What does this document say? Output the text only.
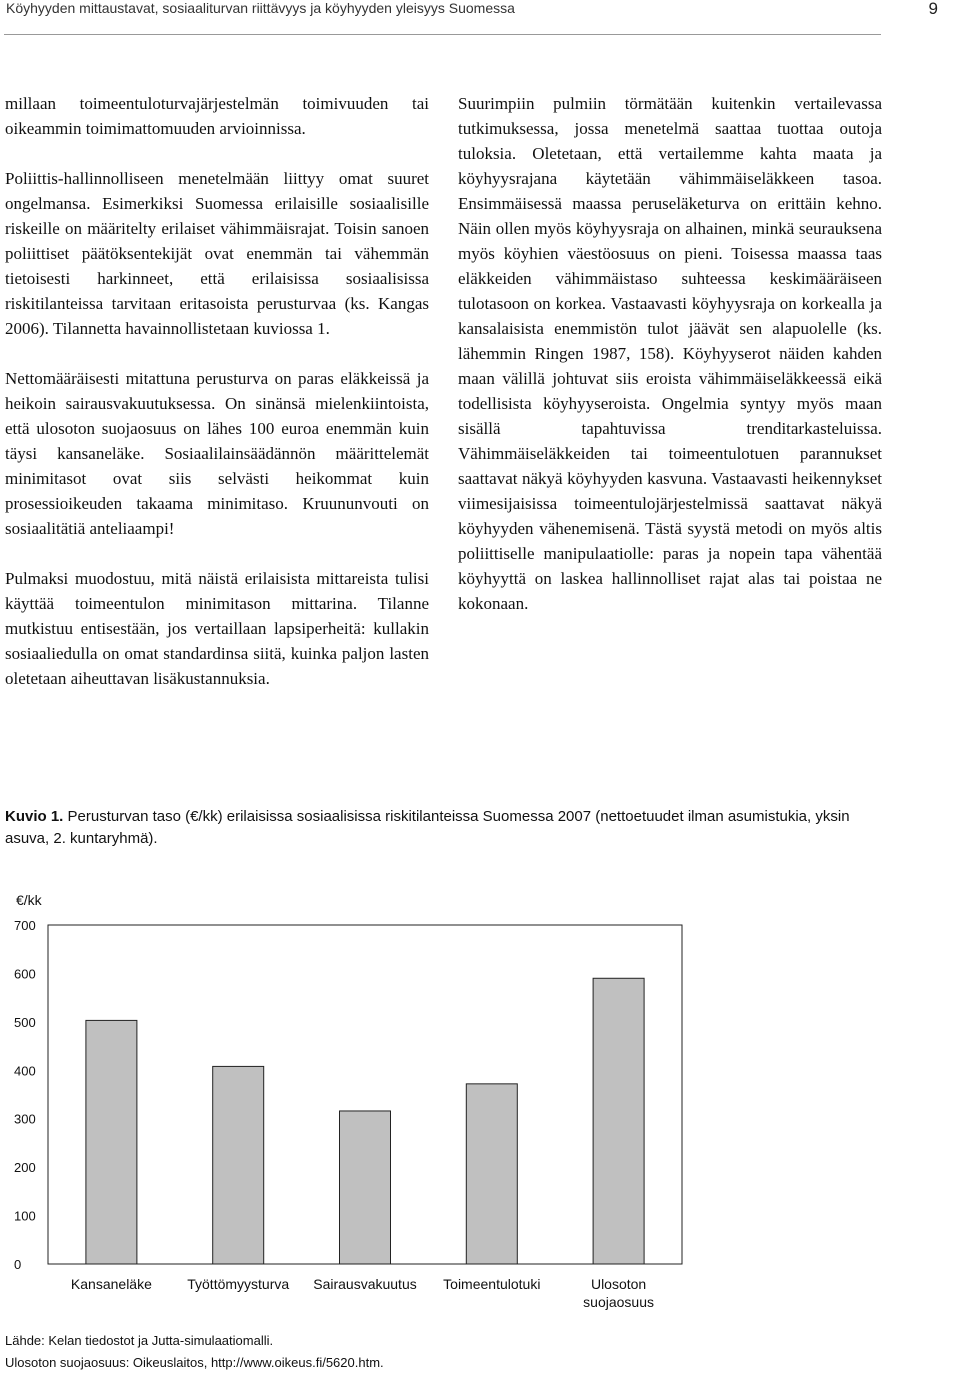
Köyhyyden mittaustavat, sosiaaliturvan riittävyys ja köyhyyden yleisyys Suomessa	9

millaan toimeentuloturvajärjestelmän toimivuuden tai oikeammin toimimattomuuden arvioinnissa.

Poliittis-hallinnolliseen menetelmään liittyy omat suuret ongelmansa. Esimerkiksi Suomessa erilaisille sosiaalisille riskeille on määritelty erilaiset vähimmäisrajat. Toisin sanoen poliittiset päätöksentekijät ovat enemmän tai vähemmän tietoisesti harkinneet, että erilaisissa sosiaalisissa riskitilanteissa tarvitaan eritasoista perusturvaa (ks. Kangas 2006). Tilannetta havainnollistetaan kuviossa 1.

Nettomääräisesti mitattuna perusturva on paras eläkkeissä ja heikoin sairausvakuutuksessa. On sinänsä mielenkiintoista, että ulosoton suojaosuus on lähes 100 euroa enemmän kuin täysi kansaneläke. Sosiaalilainsäädännön määrittelemät minimitasot ovat siis selvästi heikommat kuin prosessioikeuden takaama minimitaso. Kruununvouti on sosiaalitätiä anteliaampi!

Pulmaksi muodostuu, mitä näistä erilaisista mittareista tulisi käyttää toimeentulon minimitason mittarina. Tilanne mutkistuu entisestään, jos vertaillaan lapsiperheitä: kullakin sosiaaliedulla on omat standardinsa siitä, kuinka paljon lasten oletetaan aiheuttavan lisäkustannuksia.

Suurimpiin pulmiin törmätään kuitenkin vertailevassa tutkimuksessa, jossa menetelmä saattaa tuottaa outoja tuloksia. Oletetaan, että vertailemme kahta maata ja köyhyysrajana käytetään vähimmäiseläkkeen tasoa. Ensimmäisessä maassa peruseläketurva on erittäin kehno. Näin ollen myös köyhyysraja on alhainen, minkä seurauksena myös köyhien väestöosuus on pieni. Toisessa maassa taas eläkkeiden vähimmäistaso suhteessa keskimääräiseen tulotasoon on korkea. Vastaavasti köyhyysraja on korkealla ja kansalaisista enemmistön tulot jäävät sen alapuolelle (ks. lähemmin Ringen 1987, 158). Köyhyyserot näiden kahden maan välillä johtuvat siis eroista vähimmäiseläkkeessä eikä todellisista köyhyyseroista. Ongelmia syntyy myös maan sisällä tapahtuvissa trenditarkasteluissa. Vähimmäiseläkkeiden tai toimeentulotuen parannukset saattavat näkyä köyhyyden kasvuna. Vastaavasti heikennykset viimesijaisissa toimeentulojärjestelmissä saattavat näkyä köyhyyden vähenemisenä. Tästä syystä metodi on myös altis poliittiselle manipulaatiolle: paras ja nopein tapa vähentää köyhyyttä on laskea hallinnolliset rajat alas tai poistaa ne kokonaan.

Kuvio 1. Perusturvan taso (€/kk) erilaisissa sosiaalisissa riskitilanteissa Suomessa 2007 (nettoetuudet ilman asumistukia, yksin asuva, 2. kuntaryhmä).
€/kk
0
100
200
300
400
500
600
700
Kansaneläke	Työttömyysturva Sairausvakuutus Toimeentulotuki	Ulosoton
suojaosuus
Lähde: Kelan tiedostot ja Jutta-simulaatiomalli.
Ulosoton suojaosuus: Oikeuslaitos, http://www.oikeus.fi/5620.htm.
